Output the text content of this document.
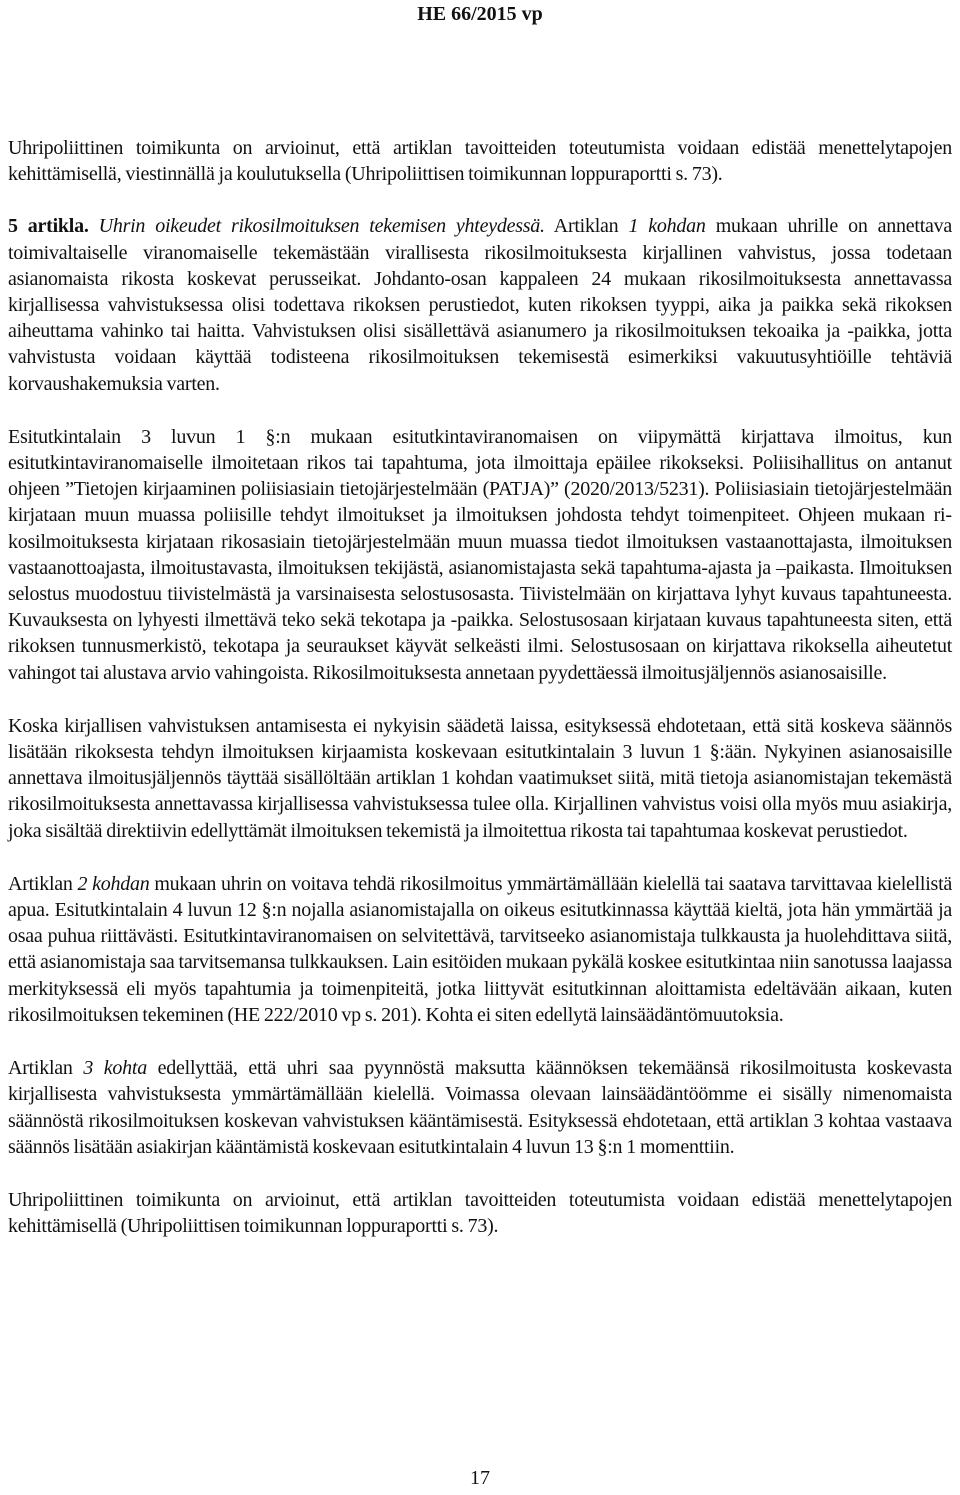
HE 66/2015 vp

Uhripoliittinen toimikunta on arvioinut, että artiklan tavoitteiden toteutumista voidaan edistää menettelytapojen kehittämisellä, viestinnällä ja koulutuksella (Uhripoliittisen toimikunnan loppuraportti s. 73).

5 artikla. Uhrin oikeudet rikosilmoituksen tekemisen yhteydessä. Artiklan 1 kohdan mukaan uhrille on annettava toimivaltaiselle viranomaiselle tekemästään virallisesta rikosilmoituksesta kirjallinen vahvistus, jossa todetaan asianomaista rikosta koskevat perusseikat. Johdanto-osan kappaleen 24 mukaan rikosilmoituksesta annettavassa kirjallisessa vahvistuksessa olisi todettava rikoksen perustiedot, kuten rikoksen tyyppi, aika ja paikka sekä rikoksen aiheuttama vahinko tai haitta. Vahvistuksen olisi sisällettävä asianumero ja rikosilmoituksen tekoaika ja -paikka, jotta vahvistusta voidaan käyttää todisteena rikosilmoituksen tekemisestä esimerkiksi vakuutusyhtiöille tehtäviä korvaushakemuksia varten.

Esitutkintalain 3 luvun 1 §:n mukaan esitutkintaviranomaisen on viipymättä kirjattava ilmoitus, kun esitutkintaviranomaiselle ilmoitetaan rikos tai tapahtuma, jota ilmoittaja epäilee rikokseksi. Poliisihallitus on antanut ohjeen ”Tietojen kirjaaminen poliisiasiain tietojärjestelmään (PATJA)” (2020/2013/5231). Poliisiasiain tietojärjestelmään kirjataan muun muassa poliisille tehdyt ilmoitukset ja ilmoituksen johdosta tehdyt toimenpiteet. Ohjeen mukaan rikosilmoituksesta kirjataan rikosasiain tietojärjestelmään muun muassa tiedot ilmoituksen vastaanottajasta, ilmoituksen vastaanottoajasta, ilmoitustavasta, ilmoituksen tekijästä, asianomistajasta sekä tapahtuma-ajasta ja –paikasta. Ilmoituksen selostus muodostuu tiivistelmästä ja varsinaisesta selostusosasta. Tiivistelmään on kirjattava lyhyt kuvaus tapahtuneesta. Kuvauksesta on lyhyesti ilmettävä teko sekä tekotapa ja -paikka. Selostusosaan kirjataan kuvaus tapahtuneesta siten, että rikoksen tunnusmerkistö, tekotapa ja seuraukset käyvät selkeästi ilmi. Selostusosaan on kirjattava rikoksella aiheutetut vahingot tai alustava arvio vahingoista. Rikosilmoituksesta annetaan pyydettäessä ilmoitusjäljennös asianosaisille.

Koska kirjallisen vahvistuksen antamisesta ei nykyisin säädetä laissa, esityksessä ehdotetaan, että sitä koskeva säännös lisätään rikoksesta tehdyn ilmoituksen kirjaamista koskevaan esitutkintalain 3 luvun 1 §:ään. Nykyinen asianosaisille annettava ilmoitusjäljennös täyttää sisällöltään artiklan 1 kohdan vaatimukset siitä, mitä tietoja asianomistajan tekemästä rikosilmoituksesta annettavassa kirjallisessa vahvistuksessa tulee olla. Kirjallinen vahvistus voisi olla myös muu asiakirja, joka sisältää direktiivin edellyttämät ilmoituksen tekemistä ja ilmoitettua rikosta tai tapahtumaa koskevat perustiedot.

Artiklan 2 kohdan mukaan uhrin on voitava tehdä rikosilmoitus ymmärtämällään kielellä tai saatava tarvittavaa kielellistä apua. Esitutkintalain 4 luvun 12 §:n nojalla asianomistajalla on oikeus esitutkinnassa käyttää kieltä, jota hän ymmärtää ja osaa puhua riittävästi. Esitutkintaviranomaisen on selvitettävä, tarvitseeko asianomistaja tulkkausta ja huolehdittava siitä, että asianomistaja saa tarvitsemansa tulkkauksen. Lain esitöiden mukaan pykälä koskee esitutkintaa niin sanotussa laajassa merkityksessä eli myös tapahtumia ja toimenpiteitä, jotka liittyvät esitutkinnan aloittamista edeltävään aikaan, kuten rikosilmoituksen tekeminen (HE 222/2010 vp s. 201). Kohta ei siten edellytä lainsäädäntömuutoksia.

Artiklan 3 kohta edellyttää, että uhri saa pyynnöstä maksutta käännöksen tekemäänsä rikosilmoitusta koskevasta kirjallisesta vahvistuksesta ymmärtämällään kielellä. Voimassa olevaan lainsäädäntöömme ei sisälly nimenomaista säännöstä rikosilmoituksen koskevan vahvistuksen kääntämisestä. Esityksessä ehdotetaan, että artiklan 3 kohtaa vastaava säännös lisätään asiakirjan kääntämistä koskevaan esitutkintalain 4 luvun 13 §:n 1 momenttiin.

Uhripoliittinen toimikunta on arvioinut, että artiklan tavoitteiden toteutumista voidaan edistää menettelytapojen kehittämisellä (Uhripoliittisen toimikunnan loppuraportti s. 73).

17
